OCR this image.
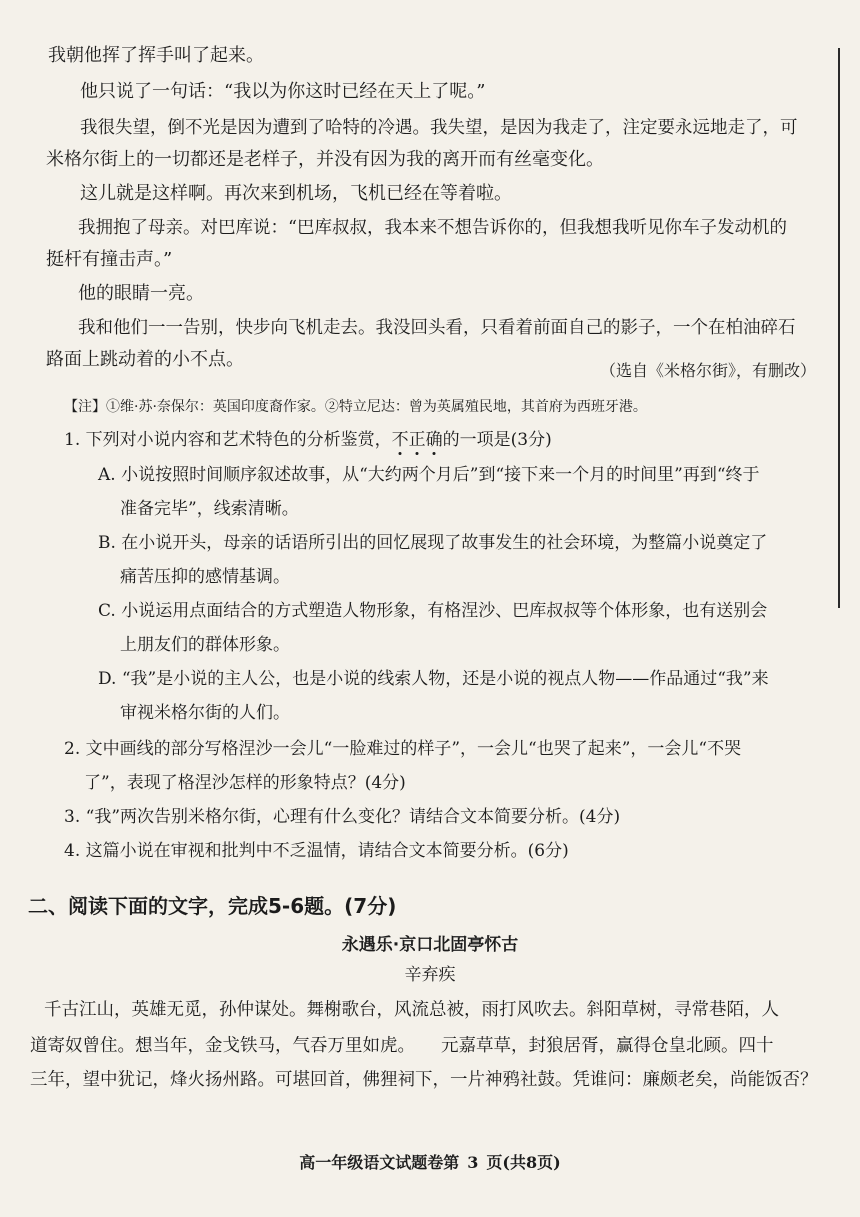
我朝他挥了挥手叫了起来。
他只说了一句话：“我以为你这时已经在天上了呢。”
我很失望，倒不光是因为遭到了哈特的冷遇。我失望，是因为我走了，注定要永远地走了，可
米格尔街上的一切都还是老样子，并没有因为我的离开而有丝毫变化。
这儿就是这样啊。再次来到机场，飞机已经在等着啦。
我拥抱了母亲。对巴库说：“巴库叔叔，我本来不想告诉你的，但我想我听见你车子发动机的
挺杆有撞击声。”
他的眼睛一亮。
我和他们一一告别，快步向飞机走去。我没回头看，只看着前面自己的影子，一个在柏油碎石
路面上跳动着的小不点。
（选自《米格尔街》，有删改）
【注】①维·苏·奈保尔：英国印度裔作家。②特立尼达：曾为英属殖民地，其首府为西班牙港。
1. 下列对小说内容和艺术特色的分析鉴赏，不正确的一项是(3分)
A. 小说按照时间顺序叙述故事，从“大约两个月后”到“接下来一个月的时间里”再到“终于
准备完毕”，线索清晰。
B. 在小说开头，母亲的话语所引出的回忆展现了故事发生的社会环境，为整篇小说奠定了
痛苦压抑的感情基调。
C. 小说运用点面结合的方式塑造人物形象，有格涅沙、巴库叔叔等个体形象，也有送别会
上朋友们的群体形象。
D. “我”是小说的主人公，也是小说的线索人物，还是小说的视点人物——作品通过“我”来
审视米格尔街的人们。
2. 文中画线的部分写格涅沙一会儿“一脸难过的样子”，一会儿“也哭了起来”，一会儿“不哭
了”，表现了格涅沙怎样的形象特点？(4分)
3. “我”两次告别米格尔街，心理有什么变化？请结合文本简要分析。(4分)
4. 这篇小说在审视和批判中不乏温情，请结合文本简要分析。(6分)
二、阅读下面的文字，完成5-6题。(7分)
永遇乐·京口北固亭怀古
辛弃疾
千古江山，英雄无觅，孙仲谋处。舞榭歌台，风流总被，雨打风吹去。斜阳草树，寻常巷陌，人
道寄奴曾住。想当年，金戈铁马，气吞万里如虎。 元嘉草草，封狼居胥，赢得仓皇北顾。四十
三年，望中犹记，烽火扬州路。可堪回首，佛狸祠下，一片神鸦社鼓。凭谁问：廉颇老矣，尚能饭否？
高一年级语文试题卷第 3 页(共8页)
